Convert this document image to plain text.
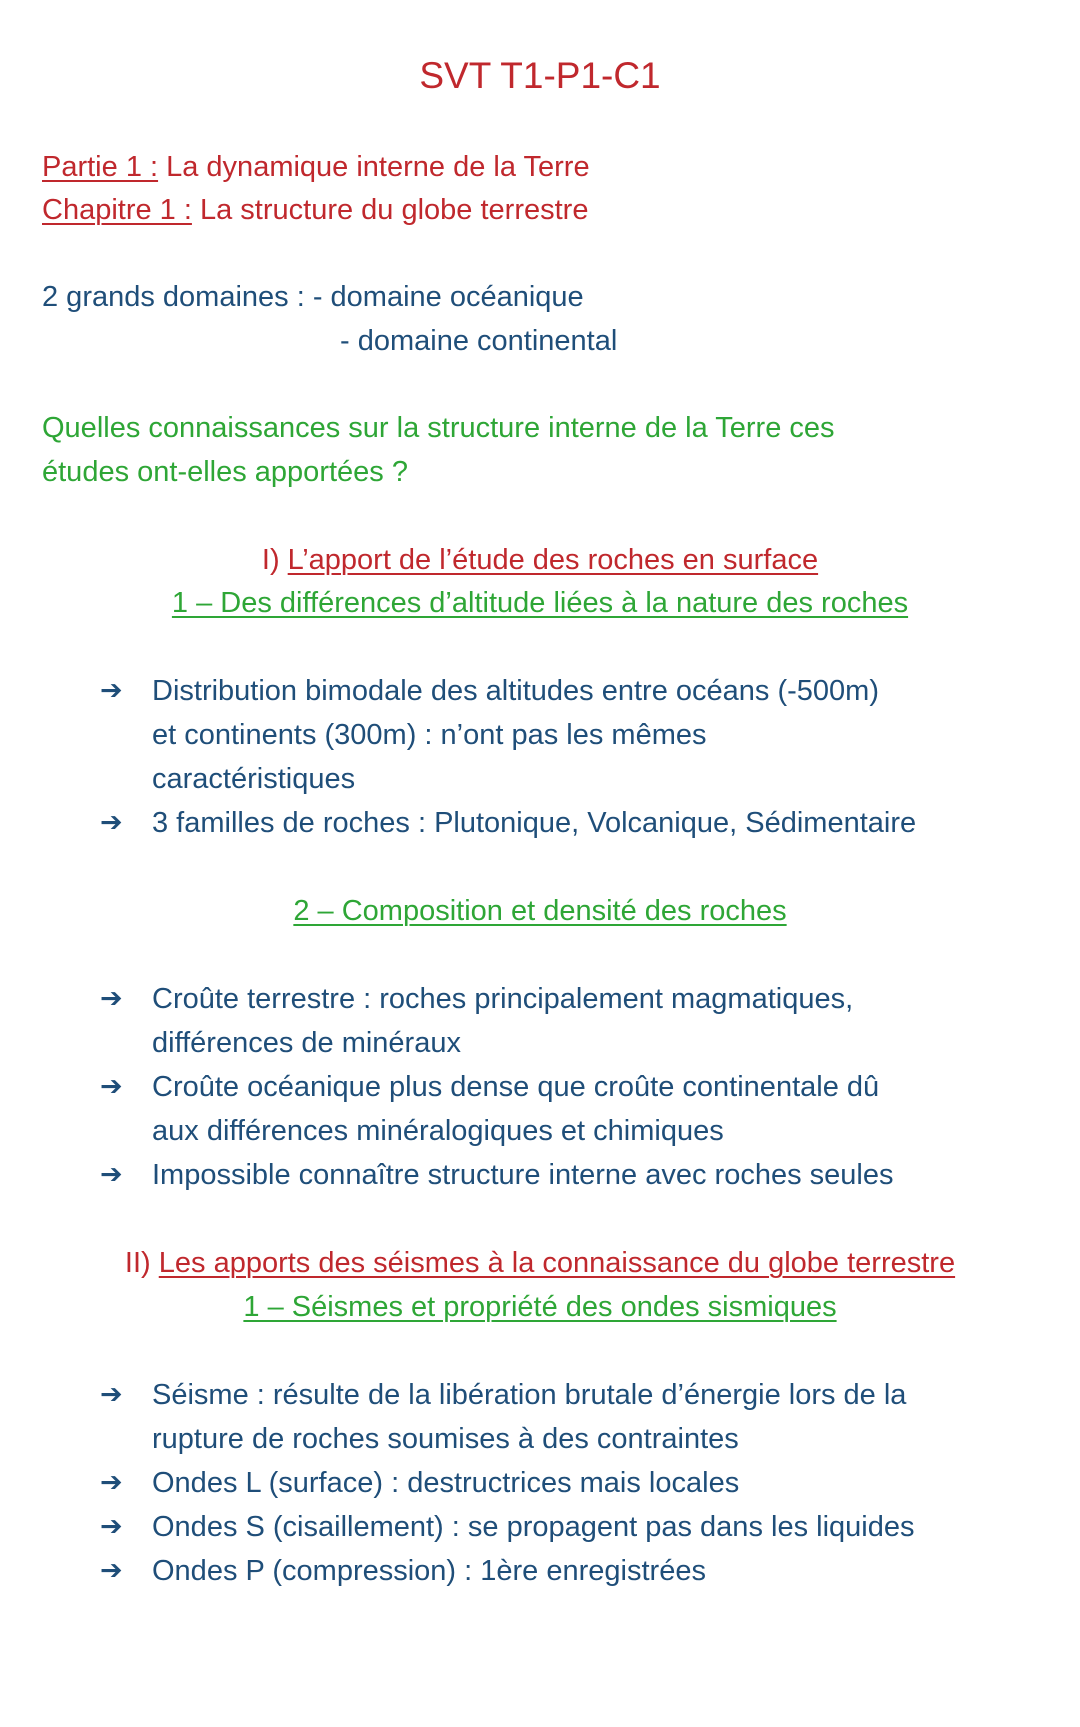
SVT T1-P1-C1
Partie 1 : La dynamique interne de la Terre
Chapitre 1 : La structure du globe terrestre
2 grands domaines : - domaine océanique
- domaine continental
Quelles connaissances sur la structure interne de la Terre ces
études ont-elles apportées ?
I) L’apport de l’étude des roches en surface
1 – Des différences d’altitude liées à la nature des roches
➔ Distribution bimodale des altitudes entre océans (-500m)
et continents (300m) : n’ont pas les mêmes
caractéristiques
➔ 3 familles de roches : Plutonique, Volcanique, Sédimentaire
2 – Composition et densité des roches
➔ Croûte terrestre : roches principalement magmatiques,
différences de minéraux
➔ Croûte océanique plus dense que croûte continentale dû
aux différences minéralogiques et chimiques
➔ Impossible connaître structure interne avec roches seules
II) Les apports des séismes à la connaissance du globe terrestre
1 – Séismes et propriété des ondes sismiques
➔ Séisme : résulte de la libération brutale d’énergie lors de la
rupture de roches soumises à des contraintes
➔ Ondes L (surface) : destructrices mais locales
➔ Ondes S (cisaillement) : se propagent pas dans les liquides
➔ Ondes P (compression) : 1ère enregistrées
